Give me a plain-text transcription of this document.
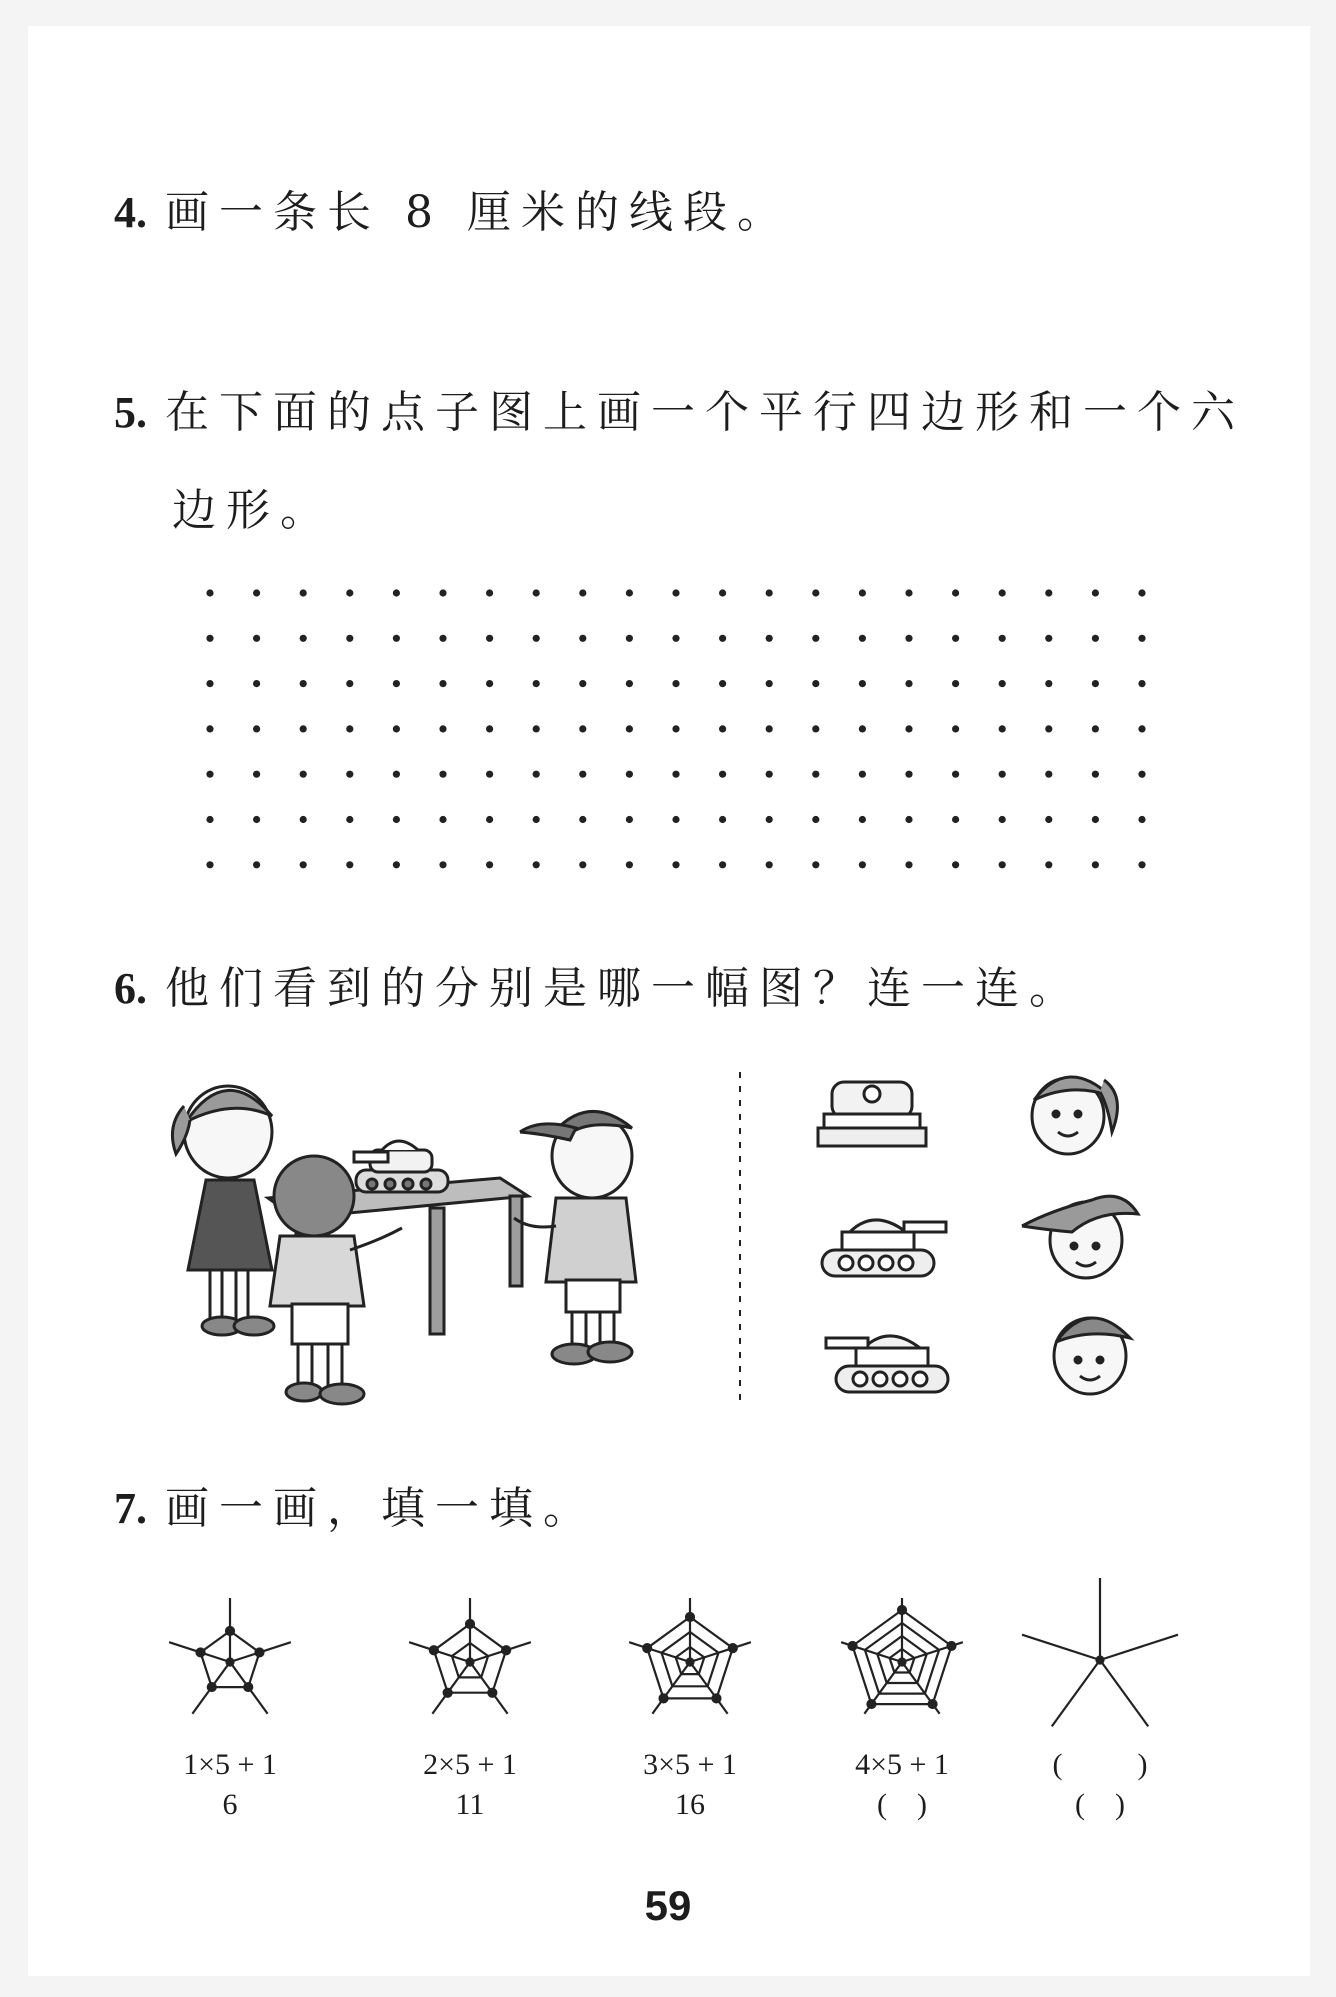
4. 画一条长 8 厘米的线段。
5. 在下面的点子图上画一个平行四边形和一个六
边形。
6. 他们看到的分别是哪一幅图？连一连。
7. 画一画，填一填。
1×5 + 1
6
2×5 + 1
11
3×5 + 1
16
4×5 + 1
(    )
(          )
(    )
59
